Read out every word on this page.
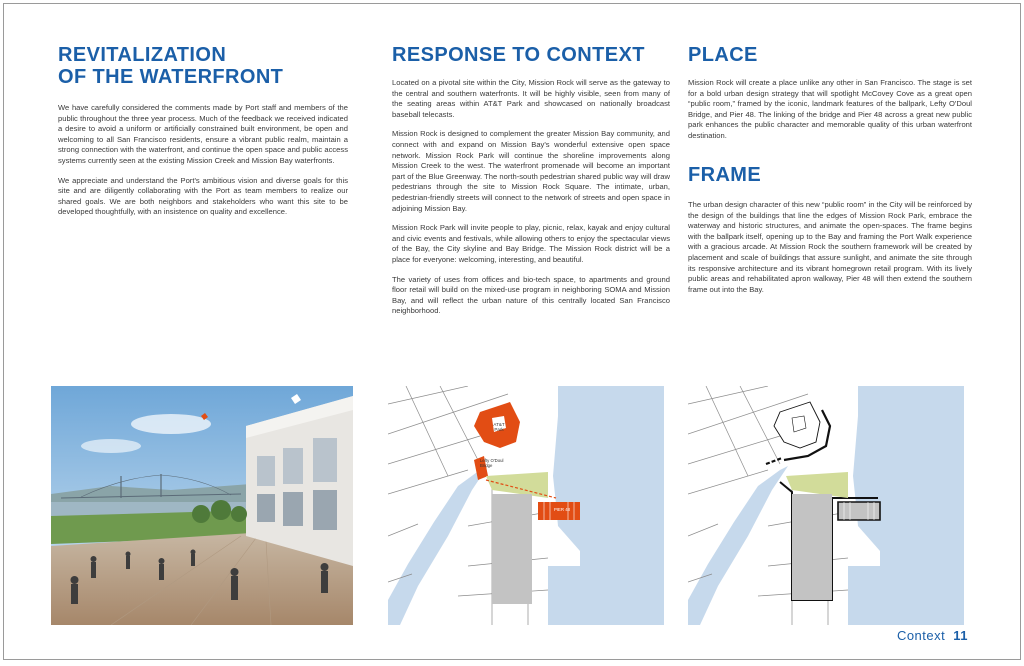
REVITALIZATION
OF THE WATERFRONT

We have carefully considered the comments made by Port staff and members of the public throughout the three year process. Much of the feedback we received indicated a desire to avoid a uniform or artificially constrained built environment, be open and welcoming to all San Francisco residents, ensure a vibrant public realm, maintain a strong connection with the waterfront, and continue the open space and public access systems currently seen at the existing Mission Creek and Mission Bay waterfronts.

We appreciate and understand the Port's ambitious vision and diverse goals for this site and are diligently collaborating with the Port as team members to realize our shared goals. We are both neighbors and stakeholders who want this site to be developed thoughtfully, with an insistence on quality and excellence.

RESPONSE TO CONTEXT

Located on a pivotal site within the City, Mission Rock will serve as the gateway to the central and southern waterfronts. It will be highly visible, seen from many of the seating areas within AT&T Park and showcased on nationally broadcast baseball telecasts.

Mission Rock is designed to complement the greater Mission Bay community, and connect with and expand on Mission Bay's wonderful extensive open space network. Mission Rock Park will continue the shoreline improvements along Mission Creek to the west. The waterfront promenade will become an important part of the Blue Greenway. The north-south pedestrian shared public way will draw pedestrians through the site to Mission Rock Square. The intimate, urban, pedestrian-friendly streets will connect to the network of streets and open space in adjoining Mission Bay.

Mission Rock Park will invite people to play, picnic, relax, kayak and enjoy cultural and civic events and festivals, while allowing others to enjoy the spectacular views of the Bay, the City skyline and Bay Bridge. The Mission Rock district will be a place for everyone: welcoming, interesting, and beautiful.

The variety of uses from offices and bio-tech space, to apartments and ground floor retail will build on the mixed-use program in neighboring SOMA and Mission Bay, and will reflect the urban nature of this centrally located San Francisco neighborhood.

PLACE

Mission Rock will create a place unlike any other in San Francisco. The stage is set for a bold urban design strategy that will spotlight McCovey Cove as a great open “public room,” framed by the iconic, landmark features of the ballpark, Lefty O'Doul Bridge, and Pier 48. The linking of the bridge and Pier 48 across a great new public park enhances the public character and memorable quality of this urban waterfront destination.

FRAME

The urban design character of this new “public room” in the City will be reinforced by the design of the buildings that line the edges of Mission Rock Park, embrace the waterway and historic structures, and animate the open-spaces. The frame begins with the ballpark itself, opening up to the Bay and framing the Port Walk experience with a gracious arcade. At Mission Rock the southern framework will be created by placement and scale of buildings that assure sunlight, and animate the site through its responsive architecture and its vibrant homegrown retail program. With its lively public areas and rehabilitated apron walkway, Pier 48 will then extend the southern frame out into the Bay.

AT&T
Park
Lefty O'Doul
Bridge
PIER 48
Context 11
